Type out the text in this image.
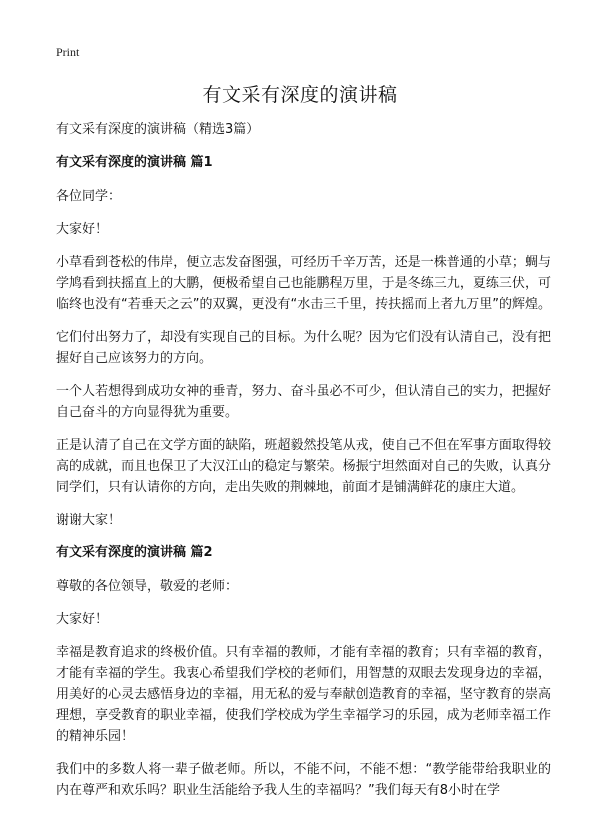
Print
有文采有深度的演讲稿

有文采有深度的演讲稿（精选3篇）

有文采有深度的演讲稿 篇1

各位同学：

大家好！

小草看到苍松的伟岸，便立志发奋图强，可经历千辛万苦，还是一株普通的小草；蜩与学鸠看到扶摇直上的大鹏，便极希望自己也能鹏程万里，于是冬练三九，夏练三伏，可临终也没有“若垂天之云”的双翼，更没有“水击三千里，抟扶摇而上者九万里”的辉煌。

它们付出努力了，却没有实现自己的目标。为什么呢？因为它们没有认清自己，没有把握好自己应该努力的方向。

一个人若想得到成功女神的垂青，努力、奋斗虽必不可少，但认清自己的实力，把握好自己奋斗的方向显得犹为重要。

正是认清了自己在文学方面的缺陷，班超毅然投笔从戎，使自己不但在军事方面取得较高的成就，而且也保卫了大汉江山的稳定与繁荣。杨振宁坦然面对自己的失败，认真分同学们，只有认请你的方向，走出失败的荆棘地，前面才是铺满鲜花的康庄大道。

谢谢大家！

有文采有深度的演讲稿 篇2

尊敬的各位领导，敬爱的老师：

大家好！

幸福是教育追求的终极价值。只有幸福的教师，才能有幸福的教育；只有幸福的教育，才能有幸福的学生。我衷心希望我们学校的老师们，用智慧的双眼去发现身边的幸福，用美好的心灵去感悟身边的幸福，用无私的爱与奉献创造教育的幸福，坚守教育的崇高理想，享受教育的职业幸福，使我们学校成为学生幸福学习的乐园，成为老师幸福工作的精神乐园！

我们中的多数人将一辈子做老师。所以，不能不问，不能不想：“教学能带给我职业的内在尊严和欢乐吗？职业生活能给予我人生的幸福吗？”我们每天有8小时在学
